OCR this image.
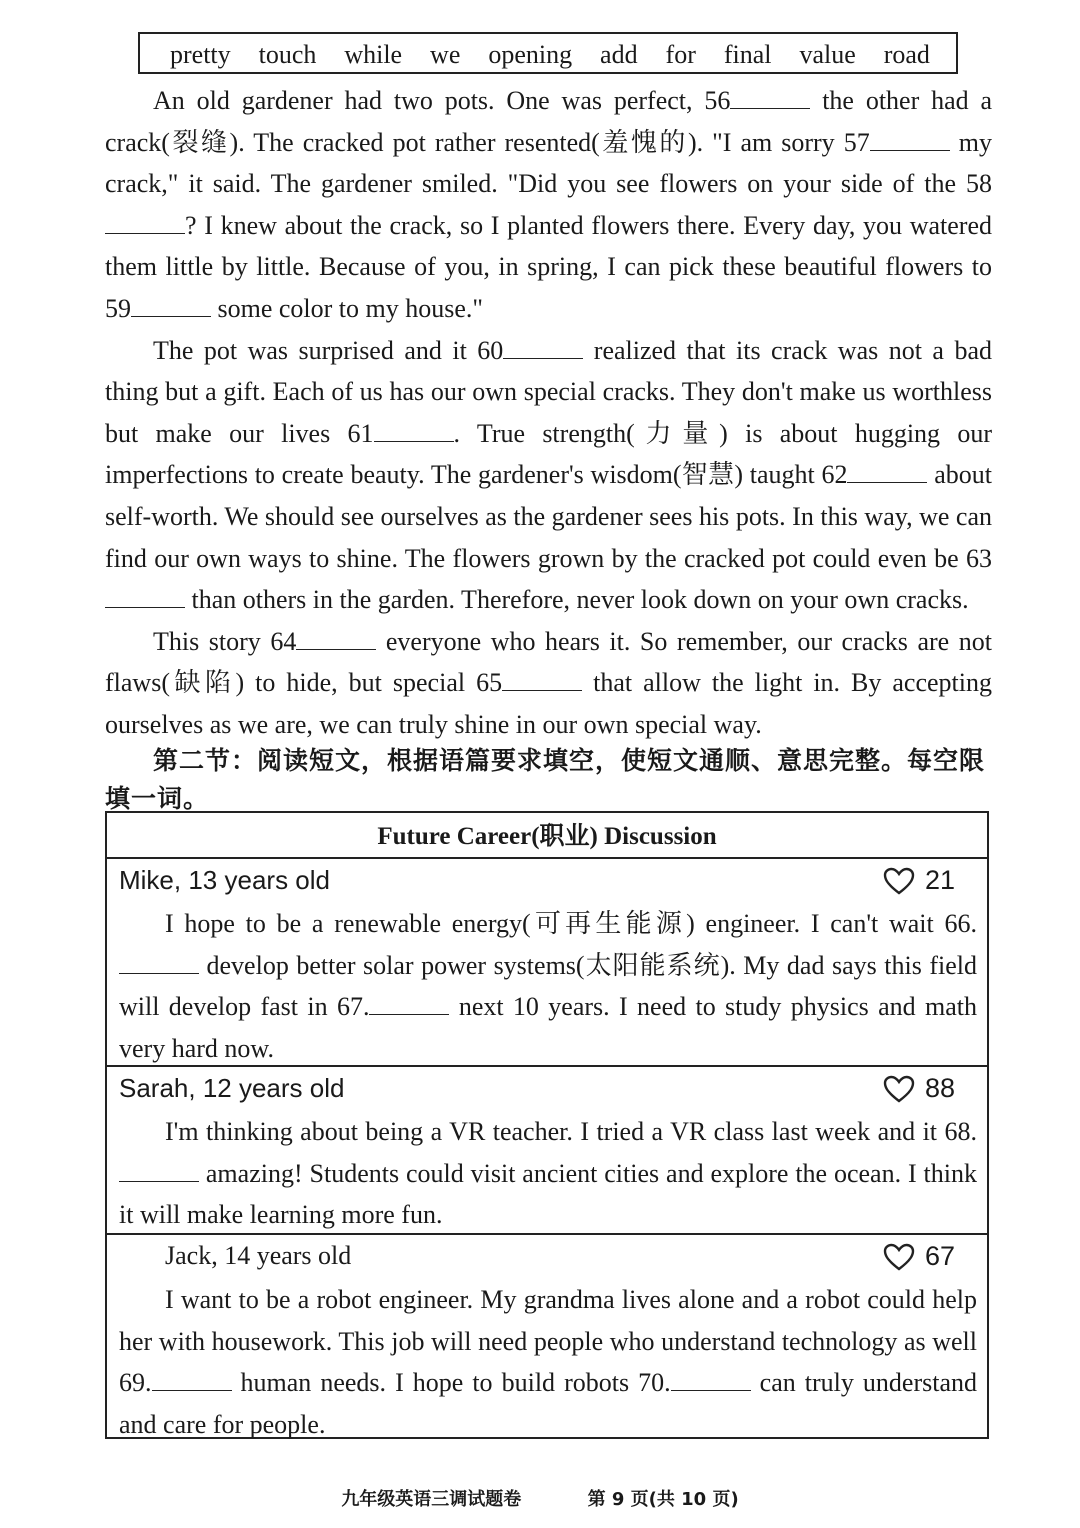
pretty touch while we opening add for final value road

An old gardener had two pots. One was perfect, 56	the other had a crack(裂缝). The cracked pot rather resented(羞愧的). "I am sorry 57	my crack," it said. The gardener smiled. "Did you see flowers on your side of the 58? I knew about the crack, so I planted flowers there. Every day, you watered them little by little. Because of you, in spring, I can pick these beautiful flowers to 59	some color to my house."

The pot was surprised and it 60	realized that its crack was not a bad thing but a gift. Each of us has our own special cracks. They don't make us worthless but make our lives 61	. True strength(力量) is about hugging our imperfections to create beauty. The gardener's wisdom(智慧) taught 62	about self-worth. We should see ourselves as the gardener sees his pots. In this way, we can find our own ways to shine. The flowers grown by the cracked pot could even be 63 than others in the garden. Therefore, never look down on your own cracks.

This story 64	everyone who hears it. So remember, our cracks are not flaws(缺陷) to hide, but special 65	that allow the light in. By accepting ourselves as we are, we can truly shine in our own special way.

第二节：阅读短文，根据语篇要求填空，使短文通顺、意思完整。每空限
填一词。
Future Career(职业) Discussion
Mike, 13 years old	21

I hope to be a renewable energy(可再生能源) engineer. I can't wait 66. develop better solar power systems(太阳能系统). My dad says this field will develop fast in 67.	next 10 years. I need to study physics and math very hard now.

Sarah, 12 years old	88

I'm thinking about being a VR teacher. I tried a VR class last week and it 68. amazing! Students could visit ancient cities and explore the ocean. I think it will make learning more fun.

Jack, 14 years old	67

I want to be a robot engineer. My grandma lives alone and a robot could help her with housework. This job will need people who understand technology as well 69.	human needs. I hope to build robots 70.	can truly understand and care for people.

九年级英语三调试题卷	第 9 页(共 10 页)
